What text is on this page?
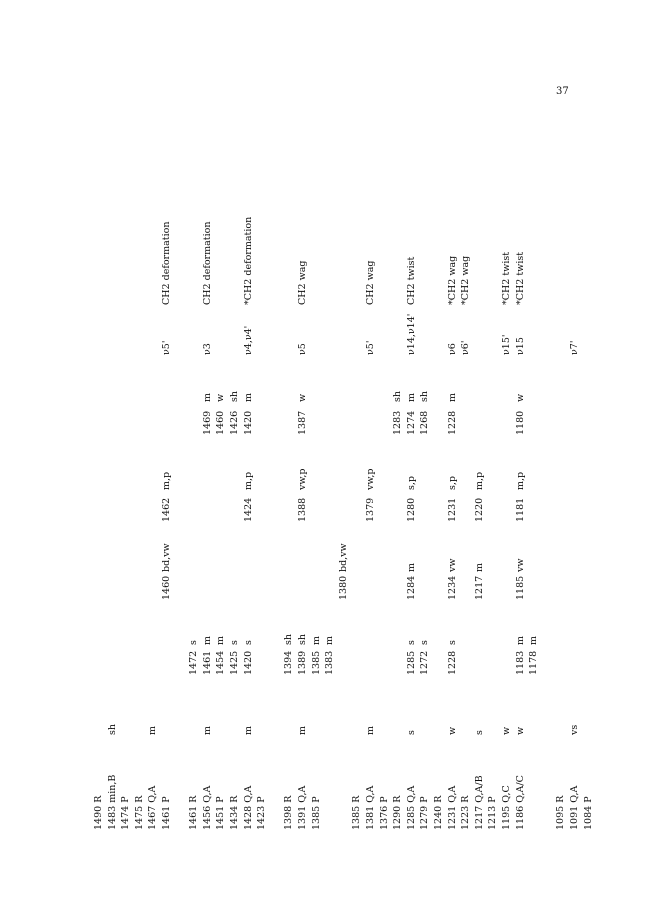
37
1490 R 1483 min,B
sh
1474 P 1475 R 1467 Q,A
m
1461 P
1460
bd,vw
1462
m,p
ν5'
CH2 deformation
1461 R
1472
s
1456 Q,A
m
1461
m
1469
m
ν3
CH2 deformation
1451 P
1454
m
1460
w
1434 R
1425
s
1426
sh
1428 Q,A
m
1420
s
1424
m,p
1420
m
ν4,ν4'
*CH2 deformation
1423 P 1398 R
1394
sh
1391 Q,A
m
1389
sh
1388
vw,p
1387
w
ν5
CH2 wag
1385 P
1385
m
1383
m
1380
bd,vw
1385 R 1381 Q,A
m
1379
vw,p
ν5'
CH2 wag
1376 P 1290 R
1283
sh
1285 Q,A
s
1285
s
1284
m
1280
s,p
1274
m
ν14,ν14'
CH2 twist
1279 P
1272
s
1268
sh
1240 R 1231 Q,A
w
1228
s
1234
vw
1231
s,p
1228
m
ν6
*CH2 wag
1223 R
ν6'
*CH2 wag
1217 Q,A/B
s
1217
m
1220
m,p
1213 P 1195 Q,C
w
ν15'
*CH2 twist
1186 Q,A/C
w
1183
m
1185
vw
1181
m,p
1180
w
ν15
*CH2 twist
1178
m
1095 R 1091 Q,A
vs
ν7'
1084 P
